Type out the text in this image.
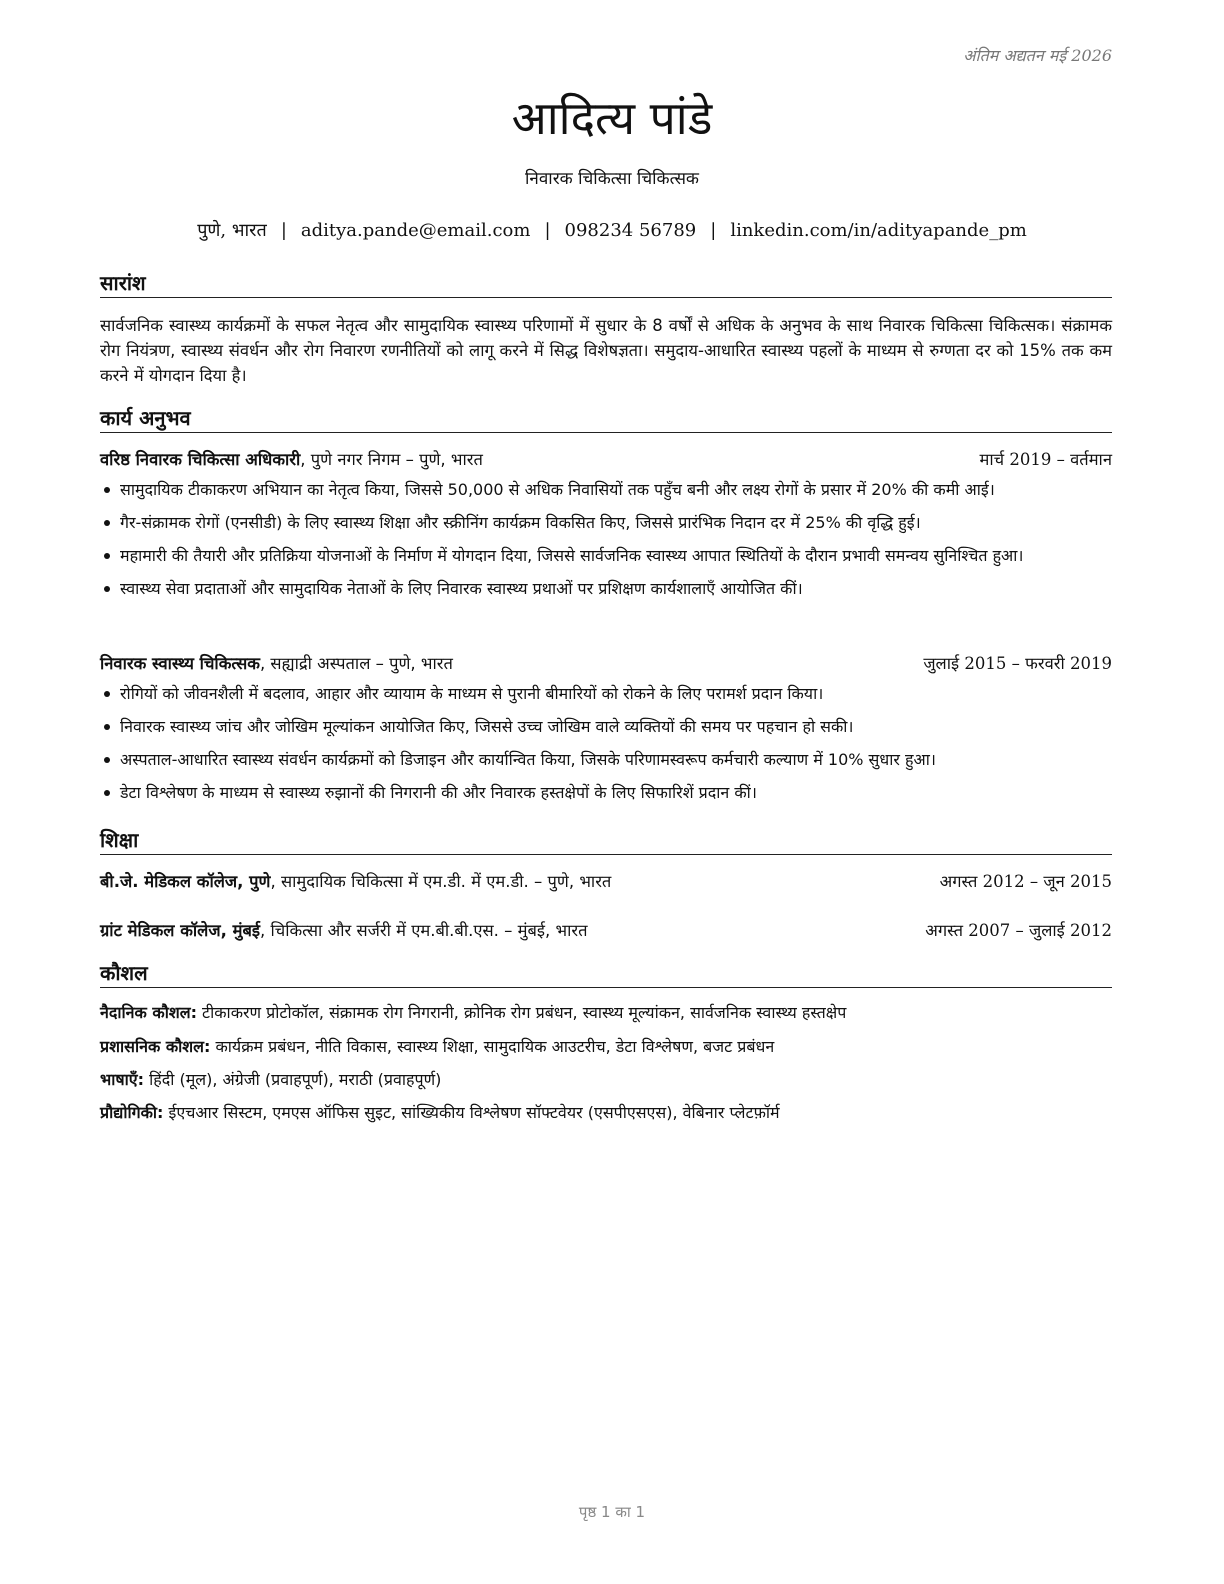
अंतिम अद्यतन मई 2026
आदित्य पांडे
निवारक चिकित्सा चिकित्सक
पुणे, भारत | aditya.pande@email.com | 098234 56789 | linkedin.com/in/adityapande_pm
सारांश
सार्वजनिक स्वास्थ्य कार्यक्रमों के सफल नेतृत्व और सामुदायिक स्वास्थ्य परिणामों में सुधार के 8 वर्षों से अधिक के अनुभव के साथ निवारक चिकित्सा चिकित्सक। संक्रामक रोग नियंत्रण, स्वास्थ्य संवर्धन और रोग निवारण रणनीतियों को लागू करने में सिद्ध विशेषज्ञता। समुदाय-आधारित स्वास्थ्य पहलों के माध्यम से रुग्णता दर को 15% तक कम करने में योगदान दिया है।
कार्य अनुभव
वरिष्ठ निवारक चिकित्सा अधिकारी, पुणे नगर निगम – पुणे, भारत	मार्च 2019 – वर्तमान
सामुदायिक टीकाकरण अभियान का नेतृत्व किया, जिससे 50,000 से अधिक निवासियों तक पहुँच बनी और लक्ष्य रोगों के प्रसार में 20% की कमी आई।
गैर-संक्रामक रोगों (एनसीडी) के लिए स्वास्थ्य शिक्षा और स्क्रीनिंग कार्यक्रम विकसित किए, जिससे प्रारंभिक निदान दर में 25% की वृद्धि हुई।
महामारी की तैयारी और प्रतिक्रिया योजनाओं के निर्माण में योगदान दिया, जिससे सार्वजनिक स्वास्थ्य आपात स्थितियों के दौरान प्रभावी समन्वय सुनिश्चित हुआ।
स्वास्थ्य सेवा प्रदाताओं और सामुदायिक नेताओं के लिए निवारक स्वास्थ्य प्रथाओं पर प्रशिक्षण कार्यशालाएँ आयोजित कीं।
निवारक स्वास्थ्य चिकित्सक, सह्याद्री अस्पताल – पुणे, भारत	जुलाई 2015 – फरवरी 2019
रोगियों को जीवनशैली में बदलाव, आहार और व्यायाम के माध्यम से पुरानी बीमारियों को रोकने के लिए परामर्श प्रदान किया।
निवारक स्वास्थ्य जांच और जोखिम मूल्यांकन आयोजित किए, जिससे उच्च जोखिम वाले व्यक्तियों की समय पर पहचान हो सकी।
अस्पताल-आधारित स्वास्थ्य संवर्धन कार्यक्रमों को डिजाइन और कार्यान्वित किया, जिसके परिणामस्वरूप कर्मचारी कल्याण में 10% सुधार हुआ।
डेटा विश्लेषण के माध्यम से स्वास्थ्य रुझानों की निगरानी की और निवारक हस्तक्षेपों के लिए सिफारिशें प्रदान कीं।
शिक्षा
बी.जे. मेडिकल कॉलेज, पुणे, सामुदायिक चिकित्सा में एम.डी. में एम.डी. – पुणे, भारत	अगस्त 2012 – जून 2015
ग्रांट मेडिकल कॉलेज, मुंबई, चिकित्सा और सर्जरी में एम.बी.बी.एस. – मुंबई, भारत	अगस्त 2007 – जुलाई 2012
कौशल
नैदानिक कौशल: टीकाकरण प्रोटोकॉल, संक्रामक रोग निगरानी, क्रोनिक रोग प्रबंधन, स्वास्थ्य मूल्यांकन, सार्वजनिक स्वास्थ्य हस्तक्षेप
प्रशासनिक कौशल: कार्यक्रम प्रबंधन, नीति विकास, स्वास्थ्य शिक्षा, सामुदायिक आउटरीच, डेटा विश्लेषण, बजट प्रबंधन
भाषाएँ: हिंदी (मूल), अंग्रेजी (प्रवाहपूर्ण), मराठी (प्रवाहपूर्ण)
प्रौद्योगिकी: ईएचआर सिस्टम, एमएस ऑफिस सुइट, सांख्यिकीय विश्लेषण सॉफ्टवेयर (एसपीएसएस), वेबिनार प्लेटफ़ॉर्म
पृष्ठ 1 का 1
